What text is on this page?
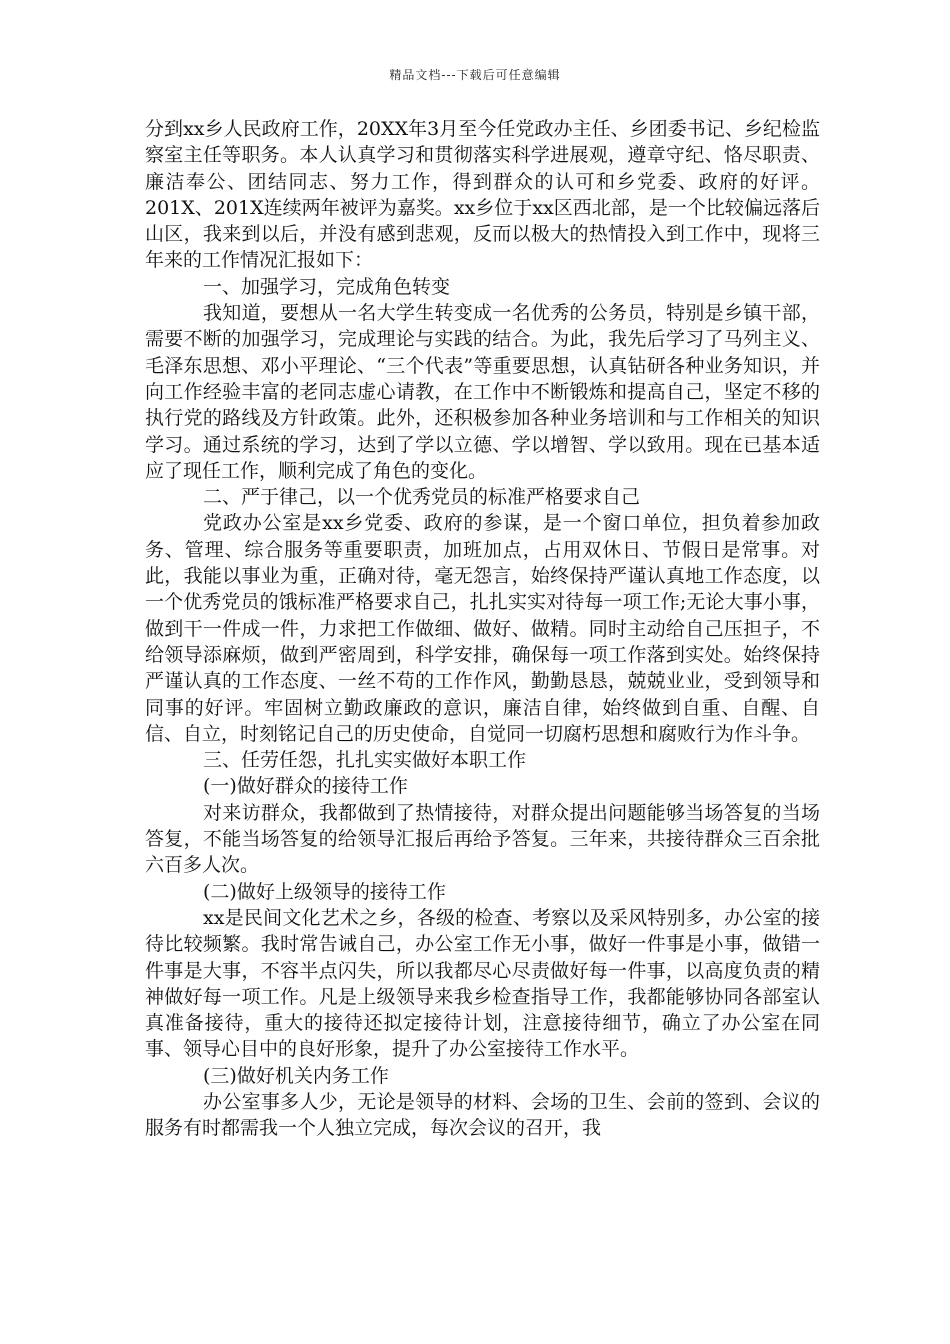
精品文档---下载后可任意编辑

分到xx乡人民政府工作，20XX年3月至今任党政办主任、乡团委书记、乡纪检监察室主任等职务。本人认真学习和贯彻落实科学进展观，遵章守纪、恪尽职责、廉洁奉公、团结同志、努力工作，得到群众的认可和乡党委、政府的好评。201X、201X连续两年被评为嘉奖。xx乡位于xx区西北部，是一个比较偏远落后山区，我来到以后，并没有感到悲观，反而以极大的热情投入到工作中，现将三年来的工作情况汇报如下：

一、加强学习，完成角色转变

我知道，要想从一名大学生转变成一名优秀的公务员，特别是乡镇干部，需要不断的加强学习，完成理论与实践的结合。为此，我先后学习了马列主义、毛泽东思想、邓小平理论、“三个代表”等重要思想，认真钻研各种业务知识，并向工作经验丰富的老同志虚心请教，在工作中不断锻炼和提高自己，坚定不移的执行党的路线及方针政策。此外，还积极参加各种业务培训和与工作相关的知识学习。通过系统的学习，达到了学以立德、学以增智、学以致用。现在已基本适应了现任工作，顺利完成了角色的变化。

二、严于律己，以一个优秀党员的标准严格要求自己

党政办公室是xx乡党委、政府的参谋，是一个窗口单位，担负着参加政务、管理、综合服务等重要职责，加班加点，占用双休日、节假日是常事。对此，我能以事业为重，正确对待，毫无怨言，始终保持严谨认真地工作态度，以一个优秀党员的饿标准严格要求自己，扎扎实实对待每一项工作;无论大事小事，做到干一件成一件，力求把工作做细、做好、做精。同时主动给自己压担子，不给领导添麻烦，做到严密周到，科学安排，确保每一项工作落到实处。始终保持严谨认真的工作态度、一丝不苟的工作作风，勤勤恳恳，兢兢业业，受到领导和同事的好评。牢固树立勤政廉政的意识，廉洁自律，始终做到自重、自醒、自信、自立，时刻铭记自己的历史使命，自觉同一切腐朽思想和腐败行为作斗争。

三、任劳任怨，扎扎实实做好本职工作

(一)做好群众的接待工作

对来访群众，我都做到了热情接待，对群众提出问题能够当场答复的当场答复，不能当场答复的给领导汇报后再给予答复。三年来，共接待群众三百余批六百多人次。

(二)做好上级领导的接待工作

xx是民间文化艺术之乡，各级的检查、考察以及采风特别多，办公室的接待比较频繁。我时常告诫自己，办公室工作无小事，做好一件事是小事，做错一件事是大事，不容半点闪失，所以我都尽心尽责做好每一件事，以高度负责的精神做好每一项工作。凡是上级领导来我乡检查指导工作，我都能够协同各部室认真准备接待，重大的接待还拟定接待计划，注意接待细节，确立了办公室在同事、领导心目中的良好形象，提升了办公室接待工作水平。

(三)做好机关内务工作

办公室事多人少，无论是领导的材料、会场的卫生、会前的签到、会议的服务有时都需我一个人独立完成，每次会议的召开，我
